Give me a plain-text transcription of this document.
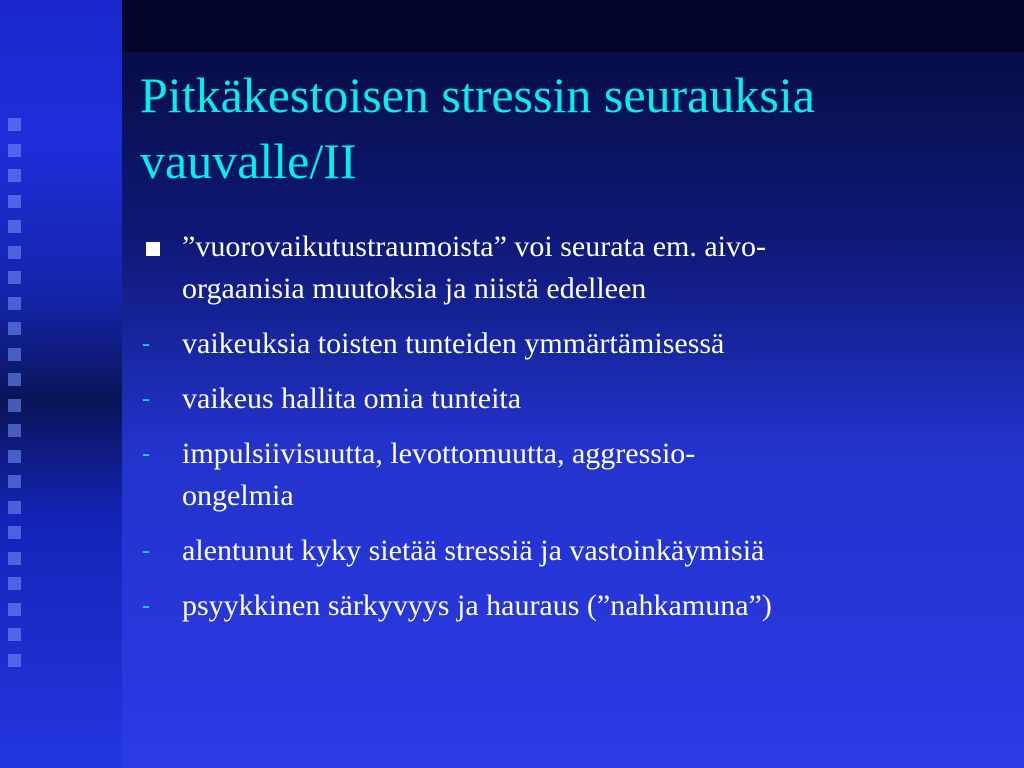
Pitkäkestoisen stressin seurauksia
vauvalle/II
”vuorovaikutustraumoista” voi seurata em. aivo-
orgaanisia muutoksia ja niistä edelleen
- vaikeuksia toisten tunteiden ymmärtämisessä
- vaikeus hallita omia tunteita
- impulsiivisuutta, levottomuutta, aggressio-
ongelmia
- alentunut kyky sietää stressiä ja vastoinkäymisiä
- psyykkinen särkyvyys ja hauraus (”nahkamuna”)
